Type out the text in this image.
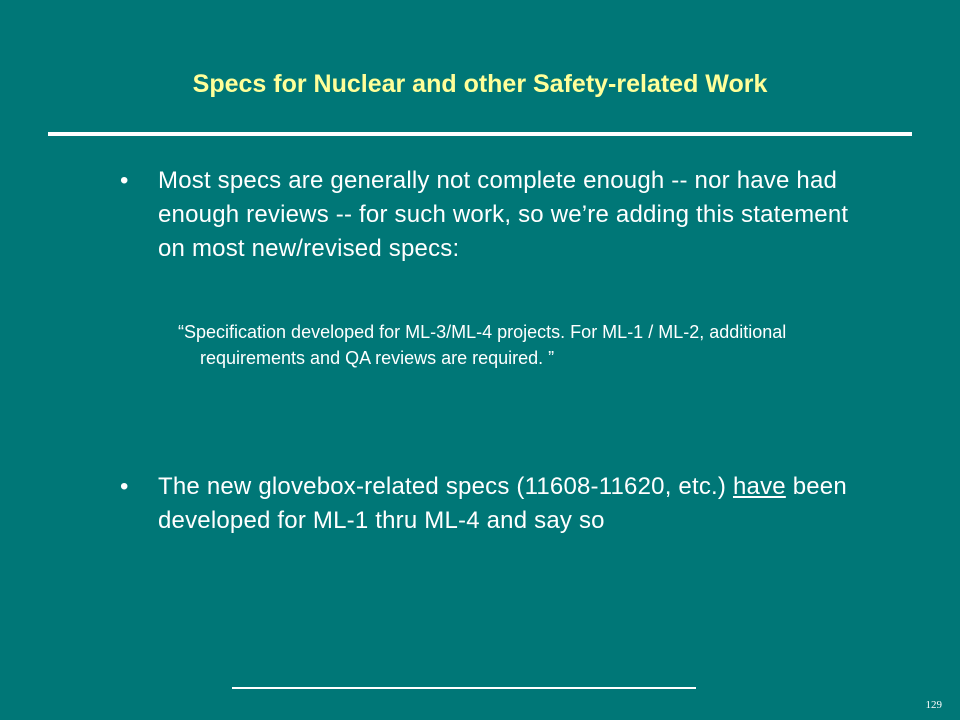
Specs for Nuclear and other Safety-related Work
•	Most specs are generally not complete enough -- nor have had enough reviews -- for such work, so we’re adding this statement on most new/revised specs:
“Specification developed for ML-3/ML-4 projects. For ML-1 / ML-2, additional requirements and QA reviews are required. ”
•	The new glovebox-related specs (11608-11620, etc.) have been developed for ML-1 thru ML-4 and say so
129
